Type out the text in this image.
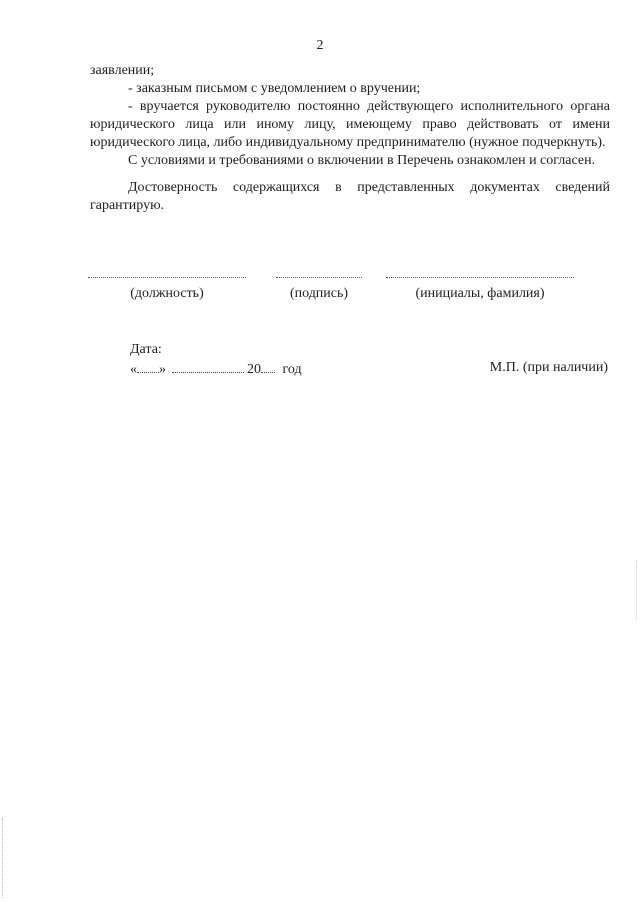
2

заявлении;

- заказным письмом с уведомлением о вручении;

- вручается руководителю постоянно действующего исполнительного органа юридического лица или иному лицу, имеющему право действовать от имени юридического лица, либо индивидуальному предпринимателю (нужное подчеркнуть).

С условиями и требованиями о включении в Перечень ознакомлен и согласен.

Достоверность содержащихся в представленных документах сведений гарантирую.

(должность)	(подпись)	(инициалы, фамилия)
Дата:
« »	20 год	М.П. (при наличии)
